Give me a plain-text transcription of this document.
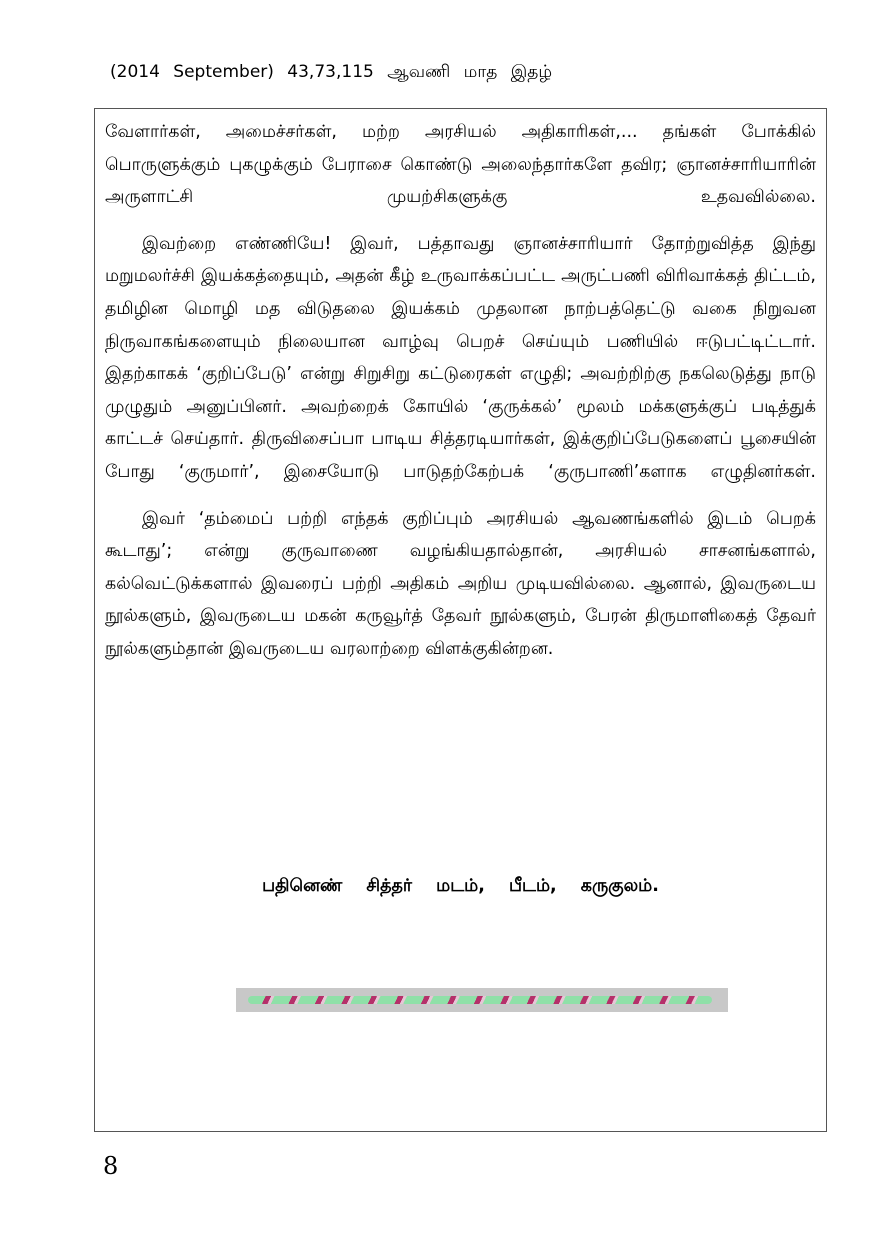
(2014 September) 43,73,115 ஆவணி மாத இதழ்

வேளார்கள், அமைச்சர்கள், மற்ற அரசியல் அதிகாரிகள்,... தங்கள் போக்கில் பொருளுக்கும் புகழுக்கும் பேராசை கொண்டு அலைந்தார்களே தவிர; ஞானச்சாரியாரின் அருளாட்சி முயற்சிகளுக்கு உதவவில்லை.

இவற்றை எண்ணியே! இவர், பத்தாவது ஞானச்சாரியார் தோற்றுவித்த இந்து மறுமலர்ச்சி இயக்கத்தையும், அதன் கீழ் உருவாக்கப்பட்ட அருட்பணி விரிவாக்கத் திட்டம், தமிழின மொழி மத விடுதலை இயக்கம் முதலான நாற்பத்தெட்டு வகை நிறுவன நிருவாகங்களையும் நிலையான வாழ்வு பெறச் செய்யும் பணியில் ஈடுபட்டிட்டார். இதற்காகக் ‘குறிப்பேடு’ என்று சிறுசிறு கட்டுரைகள் எழுதி; அவற்றிற்கு நகலெடுத்து நாடு முழுதும் அனுப்பினர். அவற்றைக் கோயில் ‘குருக்கல்’ மூலம் மக்களுக்குப் படித்துக் காட்டச் செய்தார். திருவிசைப்பா பாடிய சித்தரடியார்கள், இக்குறிப்பேடுகளைப் பூசையின் போது ‘குருமார்’, இசையோடு பாடுதற்கேற்பக் ‘குருபாணி’களாக எழுதினர்கள்.

இவர் ‘தம்மைப் பற்றி எந்தக் குறிப்பும் அரசியல் ஆவணங்களில் இடம் பெறக் கூடாது’; என்று குருவாணை வழங்கியதால்தான், அரசியல் சாசனங்களால், கல்வெட்டுக்களால் இவரைப் பற்றி அதிகம் அறிய முடியவில்லை. ஆனால், இவருடைய நூல்களும், இவருடைய மகன் கருவூர்த் தேவர் நூல்களும், பேரன் திருமாளிகைத் தேவர் நூல்களும்தான் இவருடைய வரலாற்றை விளக்குகின்றன.

பதினெண் சித்தர் மடம், பீடம், கருகுலம்.
8
